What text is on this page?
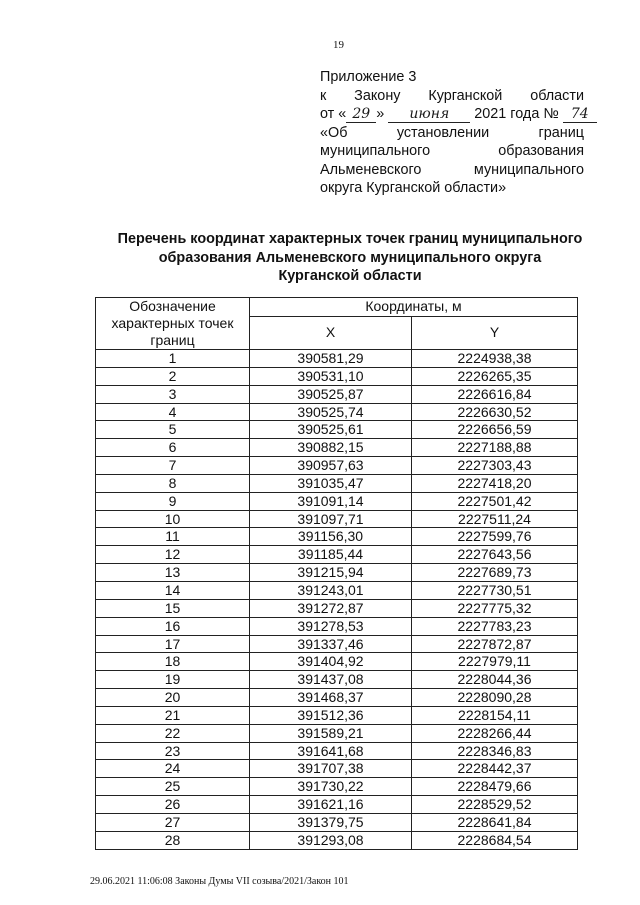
19
Приложение 3
к Закону Курганской области
от « 29 » июня 2021 года № 74
«Об	установлении	границ
муниципального	образования
Альменевского	муниципального
округа Курганской области»
Перечень координат характерных точек границ муниципального
образования Альменевского муниципального округа
Курганской области
Обозначение характерных точек границ	Координаты, м	
	X	Y
1	390581,29	2224938,38
2	390531,10	2226265,35
3	390525,87	2226616,84
4	390525,74	2226630,52
5	390525,61	2226656,59
6	390882,15	2227188,88
7	390957,63	2227303,43
8	391035,47	2227418,20
9	391091,14	2227501,42
10	391097,71	2227511,24
11	391156,30	2227599,76
12	391185,44	2227643,56
13	391215,94	2227689,73
14	391243,01	2227730,51
15	391272,87	2227775,32
16	391278,53	2227783,23
17	391337,46	2227872,87
18	391404,92	2227979,11
19	391437,08	2228044,36
20	391468,37	2228090,28
21	391512,36	2228154,11
22	391589,21	2228266,44
23	391641,68	2228346,83
24	391707,38	2228442,37
25	391730,22	2228479,66
26	391621,16	2228529,52
27	391379,75	2228641,84
28	391293,08	2228684,54
29.06.2021 11:06:08 Законы Думы VII созыва/2021/Закон 101
